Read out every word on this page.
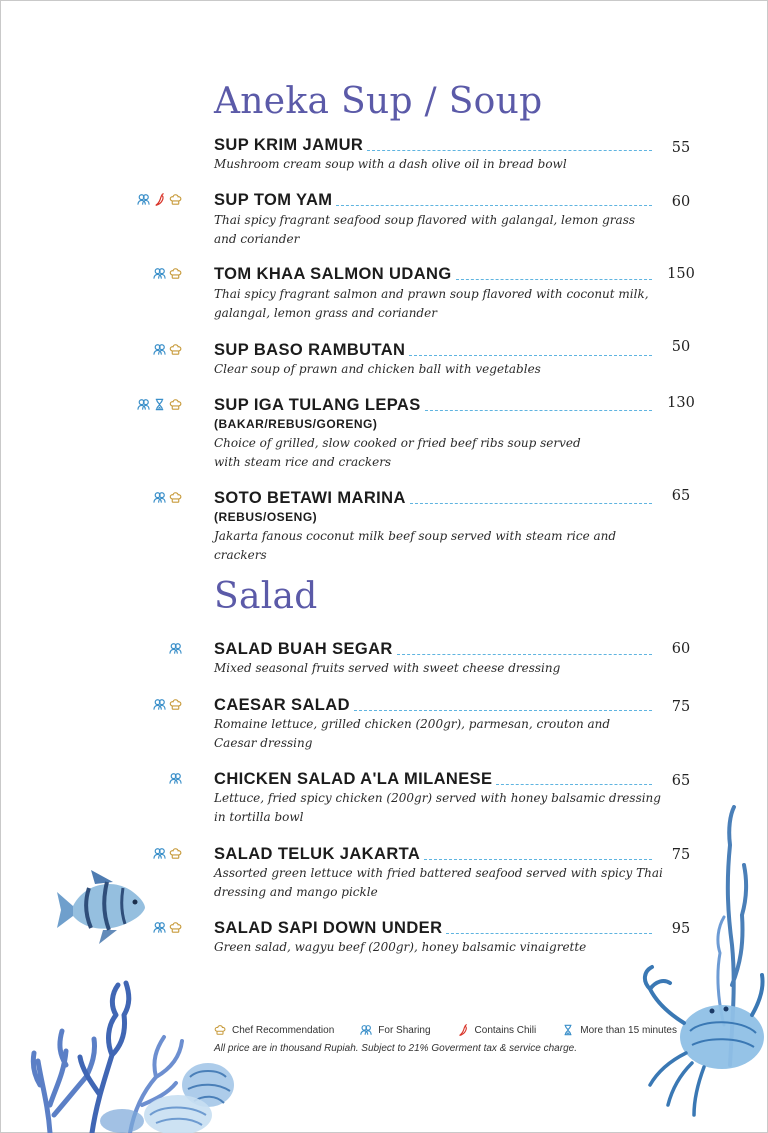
Aneka Sup / Soup
SUP KRIM JAMUR	55

Mushroom cream soup with a dash olive oil in bread bowl

SUP TOM YAM	60

Thai spicy fragrant seafood soup flavored with galangal, lemon grass
and coriander

TOM KHAA SALMON UDANG	150

Thai spicy fragrant salmon and prawn soup flavored with coconut milk,
galangal, lemon grass and coriander

SUP BASO RAMBUTAN	50

Clear soup of prawn and chicken ball with vegetables

SUP IGA TULANG LEPAS	130
(BAKAR/REBUS/GORENG)

Choice of grilled, slow cooked or fried beef ribs soup served
with steam rice and crackers

SOTO BETAWI MARINA	65
(REBUS/OSENG)

Jakarta fanous coconut milk beef soup served with steam rice and crackers

Salad
SALAD BUAH SEGAR	60

Mixed seasonal fruits served with sweet cheese dressing

CAESAR SALAD	75

Romaine lettuce, grilled chicken (200gr), parmesan, crouton and
Caesar dressing

CHICKEN SALAD A'LA MILANESE	65

Lettuce, fried spicy chicken (200gr) served with honey balsamic dressing
in tortilla bowl

SALAD TELUK JAKARTA	75

Assorted green lettuce with fried battered seafood served with spicy Thai
dressing and mango pickle

SALAD SAPI DOWN UNDER	95

Green salad, wagyu beef (200gr), honey balsamic vinaigrette

Chef Recommendation	For Sharing	Contains Chili	More than 15 minutes
All price are in thousand Rupiah. Subject to 21% Goverment tax & service charge.
